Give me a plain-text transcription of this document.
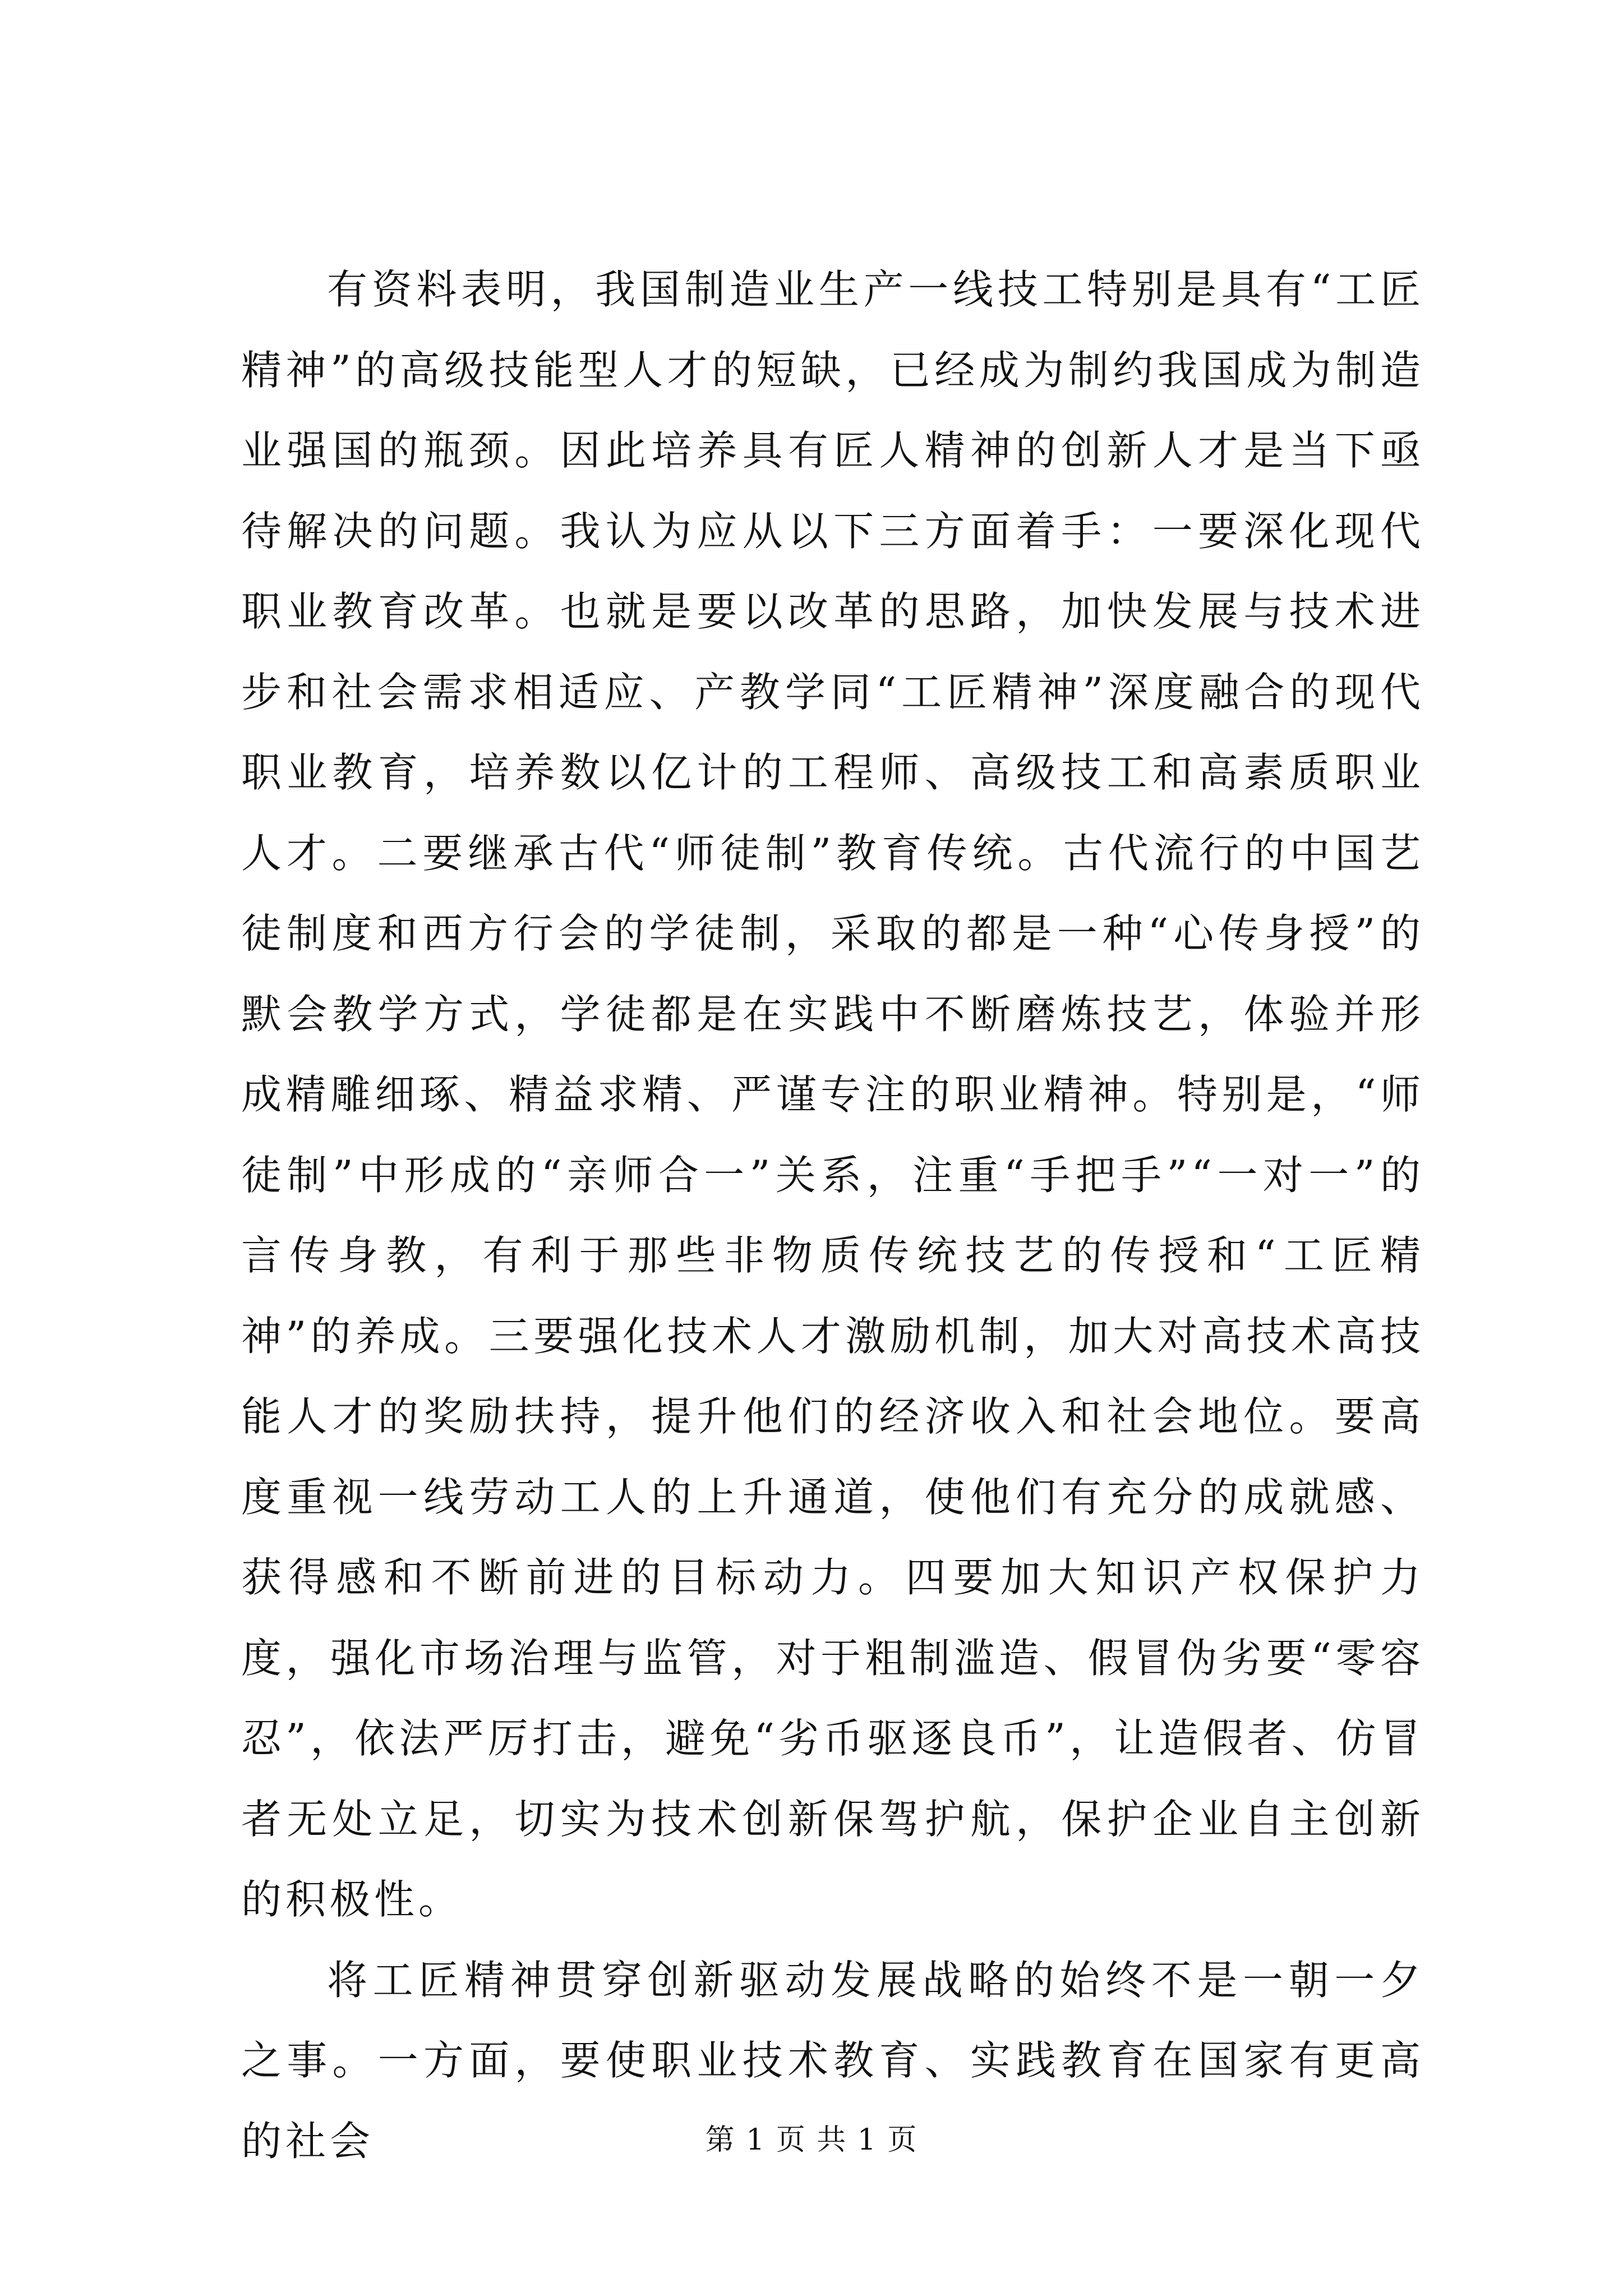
有资料表明，我国制造业生产一线技工特别是具有“工匠精神”的高级技能型人才的短缺，已经成为制约我国成为制造业强国的瓶颈。因此培养具有匠人精神的创新人才是当下亟待解决的问题。我认为应从以下三方面着手：一要深化现代职业教育改革。也就是要以改革的思路，加快发展与技术进步和社会需求相适应、产教学同“工匠精神”深度融合的现代职业教育，培养数以亿计的工程师、高级技工和高素质职业人才。二要继承古代“师徒制”教育传统。古代流行的中国艺徒制度和西方行会的学徒制，采取的都是一种“心传身授”的默会教学方式，学徒都是在实践中不断磨炼技艺，体验并形成精雕细琢、精益求精、严谨专注的职业精神。特别是，“师徒制”中形成的“亲师合一”关系，注重“手把手”“一对一”的言传身教，有利于那些非物质传统技艺的传授和“工匠精神”的养成。三要强化技术人才激励机制，加大对高技术高技能人才的奖励扶持，提升他们的经济收入和社会地位。要高度重视一线劳动工人的上升通道，使他们有充分的成就感、获得感和不断前进的目标动力。四要加大知识产权保护力度，强化市场治理与监管，对于粗制滥造、假冒伪劣要“零容忍”，依法严厉打击，避免“劣币驱逐良币”，让造假者、仿冒者无处立足，切实为技术创新保驾护航，保护企业自主创新的积极性。

将工匠精神贯穿创新驱动发展战略的始终不是一朝一夕之事。一方面，要使职业技术教育、实践教育在国家有更高的社会	第 1 页 共 1 页
